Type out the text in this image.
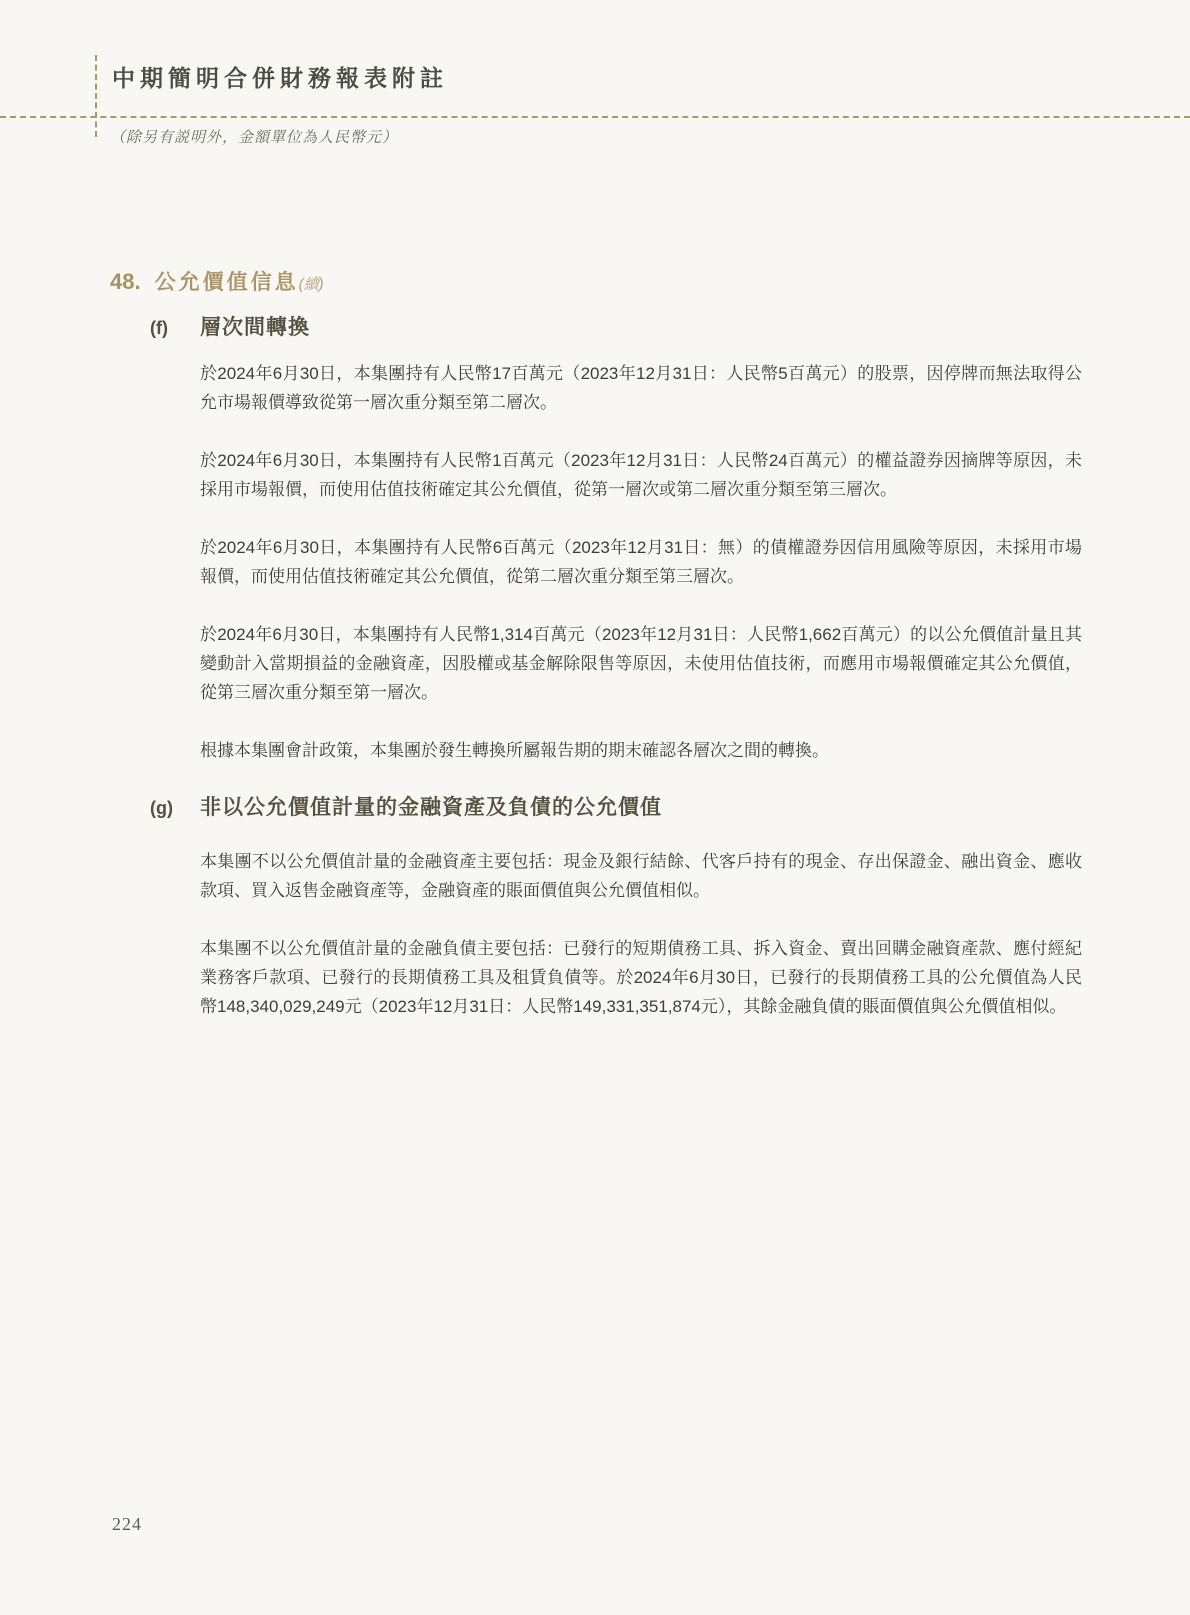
中期簡明合併財務報表附註

（除另有説明外，金額單位為人民幣元）

48. 公允價值信息(續)
(f)	層次間轉換

於2024年6月30日，本集團持有人民幣17百萬元（2023年12月31日：人民幣5百萬元）的股票，因停牌而無法取得公允市場報價導致從第一層次重分類至第二層次。

於2024年6月30日，本集團持有人民幣1百萬元（2023年12月31日：人民幣24百萬元）的權益證券因摘牌等原因，未採用市場報價，而使用估值技術確定其公允價值，從第一層次或第二層次重分類至第三層次。

於2024年6月30日，本集團持有人民幣6百萬元（2023年12月31日：無）的債權證券因信用風險等原因，未採用市場報價，而使用估值技術確定其公允價值，從第二層次重分類至第三層次。

於2024年6月30日，本集團持有人民幣1,314百萬元（2023年12月31日：人民幣1,662百萬元）的以公允價值計量且其變動計入當期損益的金融資產，因股權或基金解除限售等原因，未使用估值技術，而應用市場報價確定其公允價值，從第三層次重分類至第一層次。

根據本集團會計政策，本集團於發生轉換所屬報告期的期末確認各層次之間的轉換。

(g)	非以公允價值計量的金融資產及負債的公允價值

本集團不以公允價值計量的金融資產主要包括：現金及銀行結餘、代客戶持有的現金、存出保證金、融出資金、應收款項、買入返售金融資產等，金融資產的賬面價值與公允價值相似。

本集團不以公允價值計量的金融負債主要包括：已發行的短期債務工具、拆入資金、賣出回購金融資產款、應付經紀業務客戶款項、已發行的長期債務工具及租賃負債等。於2024年6月30日，已發行的長期債務工具的公允價值為人民幣148,340,029,249元（2023年12月31日：人民幣149,331,351,874元），其餘金融負債的賬面價值與公允價值相似。

224
